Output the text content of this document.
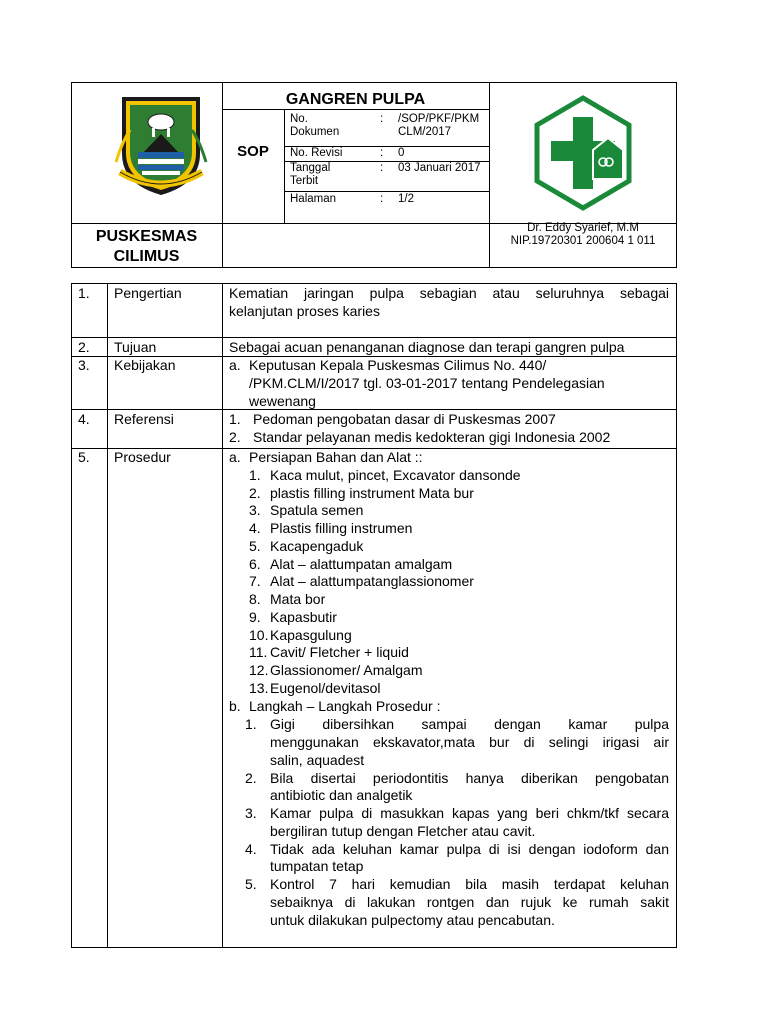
PUSKESMAS
CILIMUS
GANGREN PULPA
SOP
No.
Dokumen
: /SOP/PKF/PKM
CLM/2017
No. Revisi	: 0
Tanggal
Terbit
: 03 Januari 2017
Halaman	: 1/2
Dr. Eddy Syarief, M.M
NIP.19720301 200604 1 011
1. Pengertian
2. Tujuan
3. Kebijakan
4. Referensi
5. Prosedur
Kematian jaringan pulpa sebagian atau seluruhnya sebagai
kelanjutan proses karies
Sebagai acuan penanganan diagnose dan terapi gangren pulpa
a. Keputusan Kepala Puskesmas Cilimus No. 440/
/PKM.CLM/I/2017 tgl. 03-01-2017 tentang Pendelegasian
wewenang
1. Pedoman pengobatan dasar di Puskesmas 2007
2. Standar pelayanan medis kedokteran gigi Indonesia 2002
a. Persiapan Bahan dan Alat ::
1. Kaca mulut, pincet, Excavator dansonde
2. plastis filling instrument Mata bur
3. Spatula semen
4. Plastis filling instrumen
5. Kacapengaduk
6. Alat – alattumpatan amalgam
7. Alat – alattumpatanglassionomer
8. Mata bor
9. Kapasbutir
10. Kapasgulung
11. Cavit/ Fletcher + liquid
12. Glassionomer/ Amalgam
13. Eugenol/devitasol
b. Langkah – Langkah Prosedur :
1. Gigi dibersihkan sampai dengan kamar pulpa
menggunakan ekskavator,mata bur di selingi irigasi air
salin, aquadest
2. Bila disertai periodontitis hanya diberikan pengobatan
antibiotic dan analgetik
3. Kamar pulpa di masukkan kapas yang beri chkm/tkf secara
bergiliran tutup dengan Fletcher atau cavit.
4. Tidak ada keluhan kamar pulpa di isi dengan iodoform dan
tumpatan tetap
5. Kontrol 7 hari kemudian bila masih terdapat keluhan
sebaiknya di lakukan rontgen dan rujuk ke rumah sakit
untuk dilakukan pulpectomy atau pencabutan.
